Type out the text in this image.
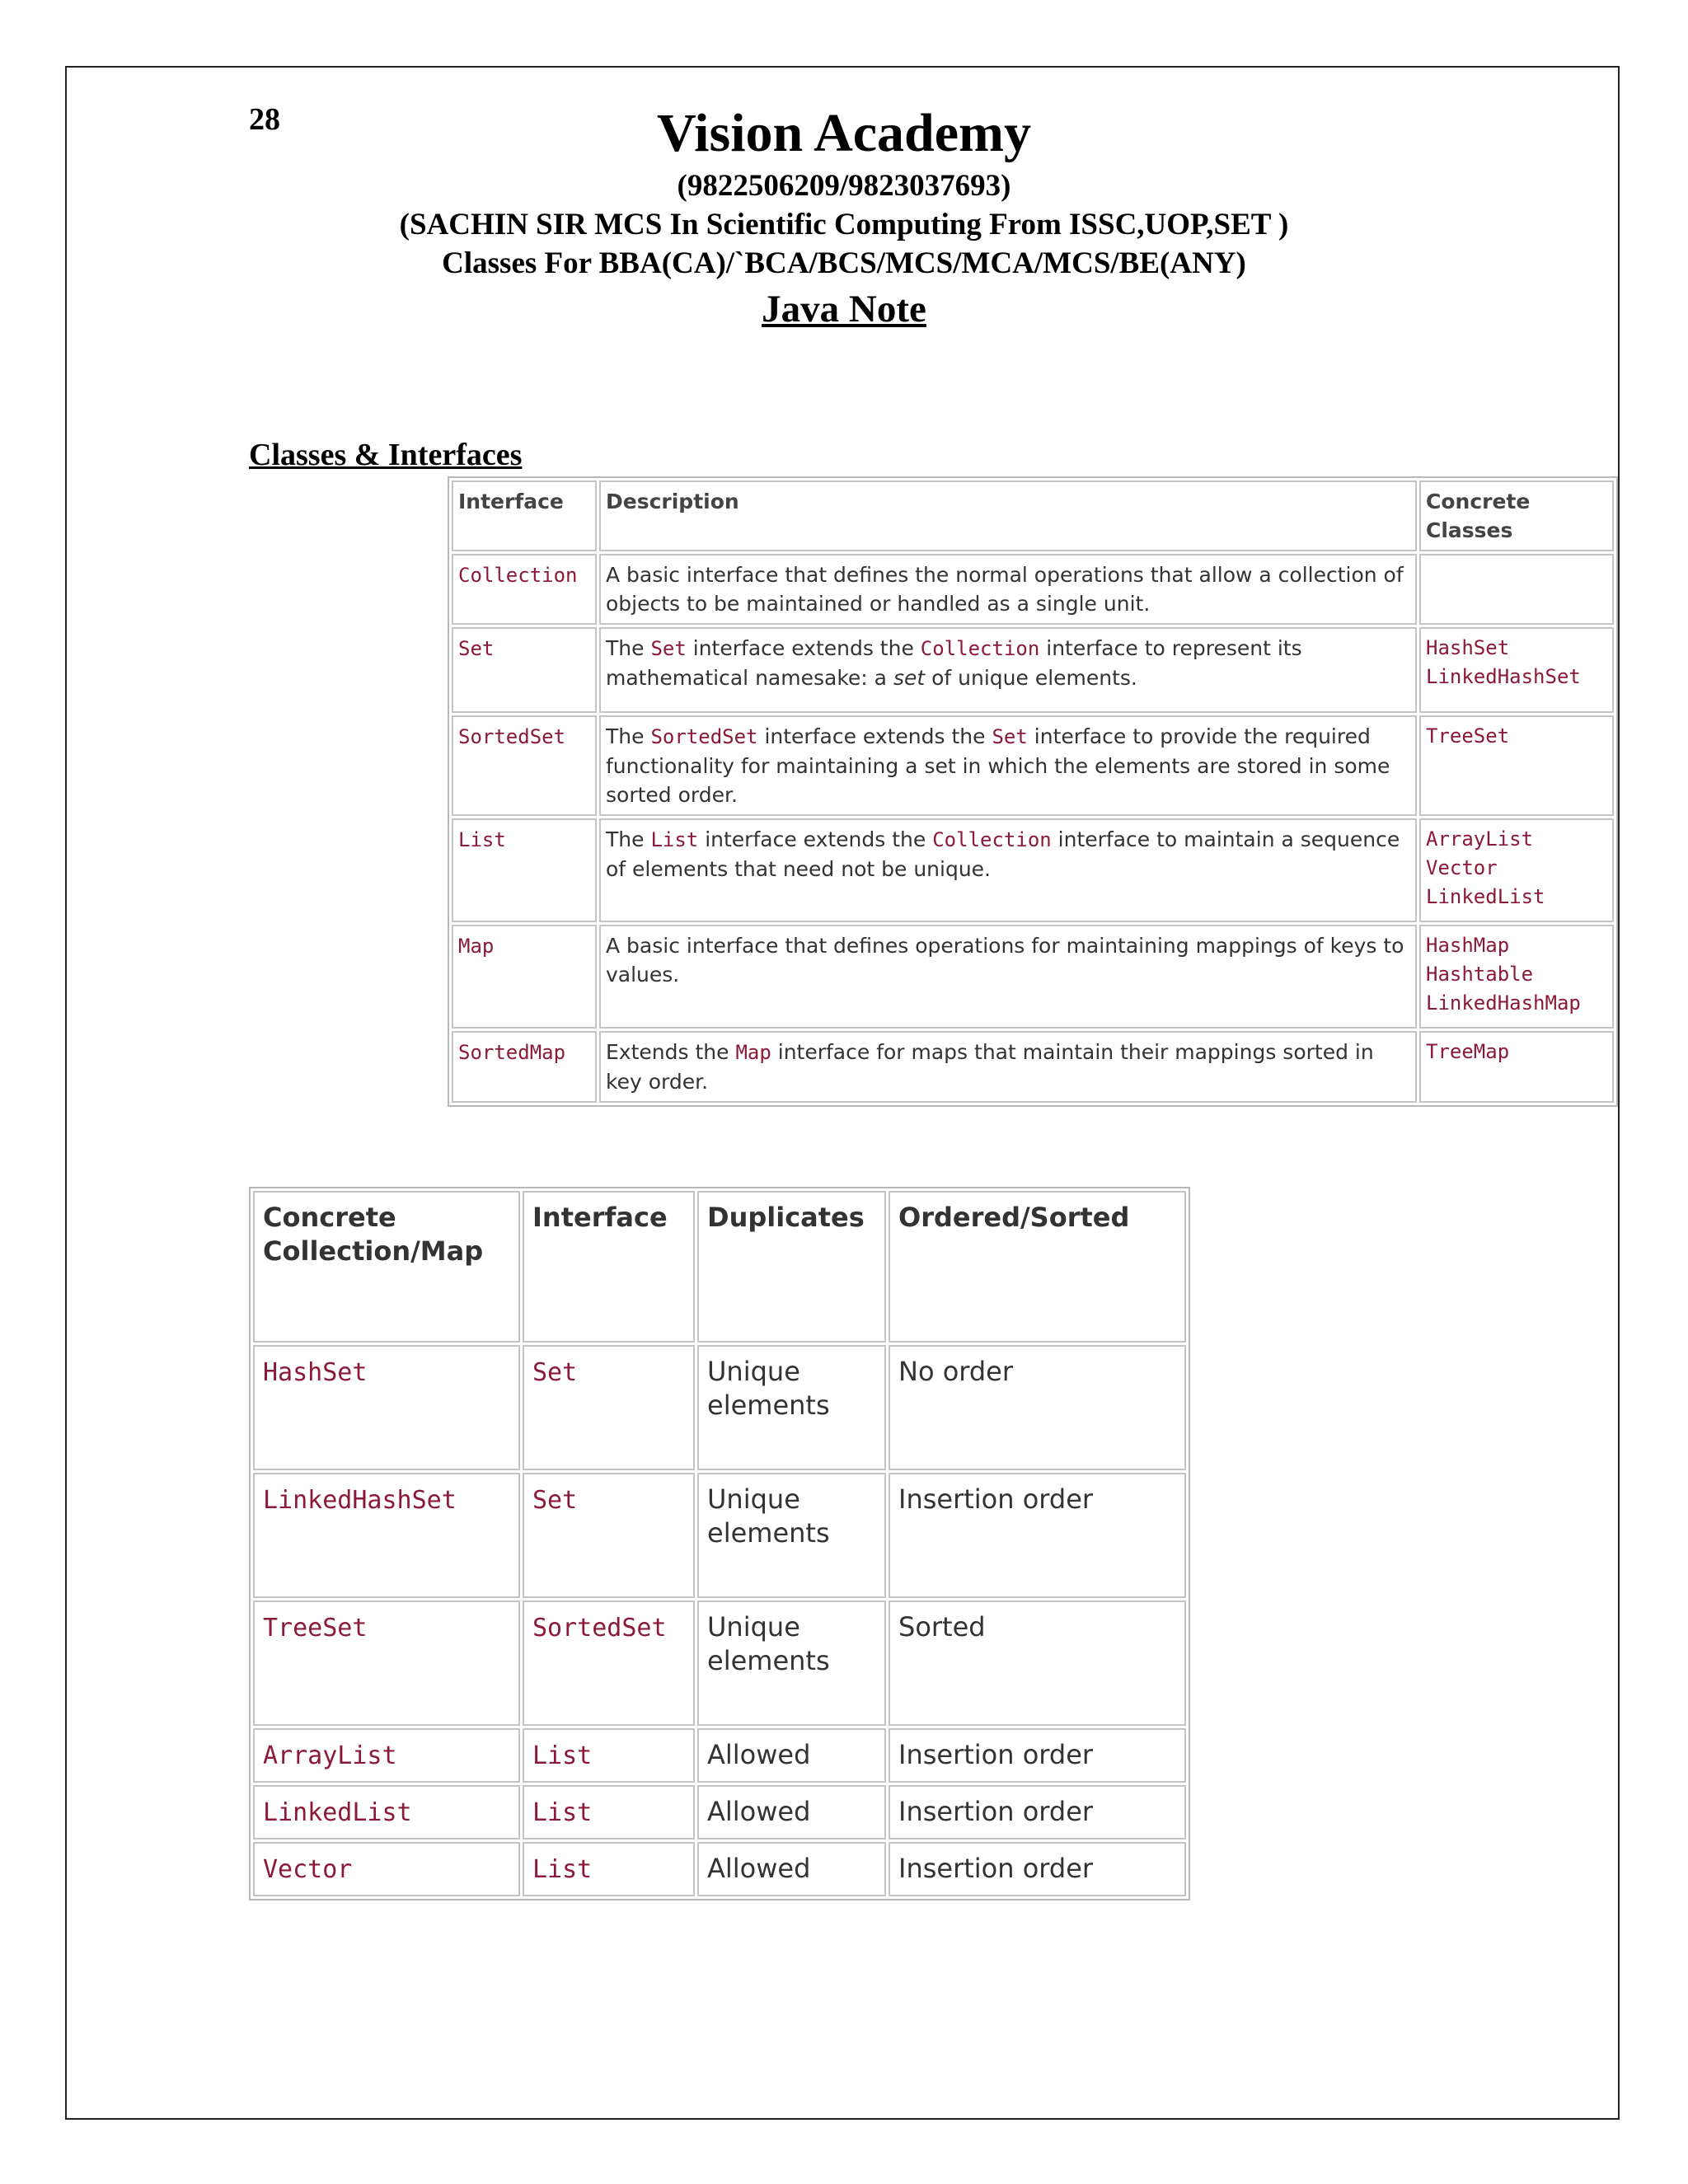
28	Vision Academy
(9822506209/9823037693)
(SACHIN SIR MCS In Scientific Computing From ISSC,UOP,SET )
Classes For BBA(CA)/`BCA/BCS/MCS/MCA/MCS/BE(ANY)
Java Note
Classes & Interfaces
Interface	Description	Concrete Classes
Collection	A basic interface that defines the normal operations that allow a collection of objects to be maintained or handled as a single unit.	
Set	The Set interface extends the Collection interface to represent its mathematical namesake: a set of unique elements.	HashSet
LinkedHashSet

SortedSet	The SortedSet interface extends the Set interface to provide the required functionality for maintaining a set in which the elements are stored in some sorted order.	TreeSet

List	The List interface extends the Collection interface to maintain a sequence of elements that need not be unique.	ArrayList
Vector
LinkedList

Map	A basic interface that defines operations for maintaining mappings of keys to values.	HashMap
Hashtable
LinkedHashMap

SortedMap	Extends the Map interface for maps that maintain their mappings sorted in key order.	TreeMap
Concrete Collection/Map	Interface	Duplicates	Ordered/Sorted
HashSet	Set	Unique elements	No order
LinkedHashSet	Set	Unique elements	Insertion order
TreeSet	SortedSet	Unique elements	Sorted
ArrayList	List	Allowed	Insertion order
LinkedList	List	Allowed	Insertion order
Vector	List	Allowed	Insertion order
